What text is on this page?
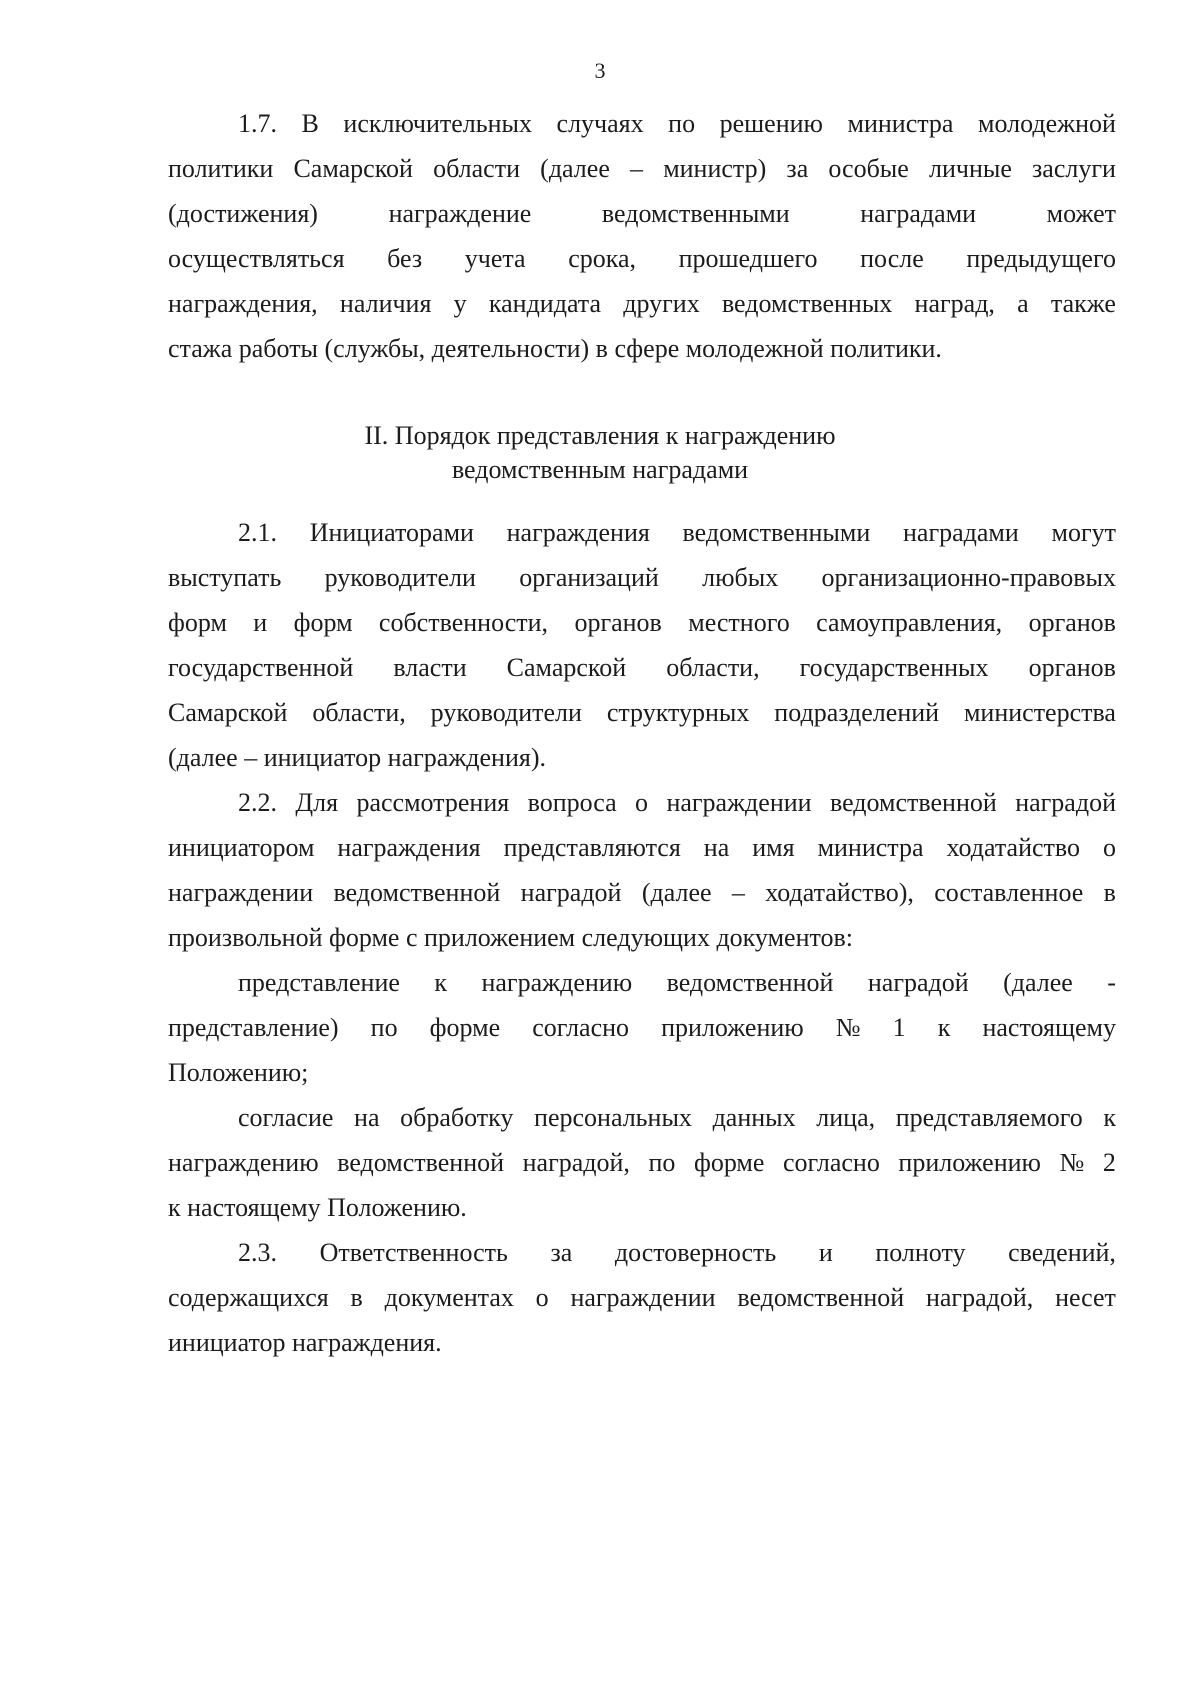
3
II. Порядок представления к награждению
ведомственным наградами
1.7. В исключительных случаях по решению министра молодежной
политики Самарской области (далее – министр) за особые личные заслуги
(достижения)	награждение	ведомственными	наградами	может
осуществляться без учета срока, прошедшего после предыдущего
награждения, наличия у кандидата других ведомственных наград, а также
стажа работы (службы, деятельности) в сфере молодежной политики.
2.1. Инициаторами награждения ведомственными наградами могут
выступать руководители организаций любых организационно-правовых
форм и форм собственности, органов местного самоуправления, органов
государственной власти Самарской области, государственных органов
Самарской области, руководители структурных подразделений министерства
(далее – инициатор награждения).
2.2. Для рассмотрения вопроса о награждении ведомственной наградой
инициатором награждения представляются на имя министра ходатайство о
награждении ведомственной наградой (далее – ходатайство), составленное в
произвольной форме с приложением следующих документов:
представление к награждению ведомственной наградой (далее -
представление) по форме согласно приложению № 1 к настоящему
Положению;
согласие на обработку персональных данных лица, представляемого к
награждению ведомственной наградой, по форме согласно приложению № 2
к настоящему Положению.
2.3. Ответственность за достоверность и полноту сведений,
содержащихся в документах о награждении ведомственной наградой, несет
инициатор награждения.
